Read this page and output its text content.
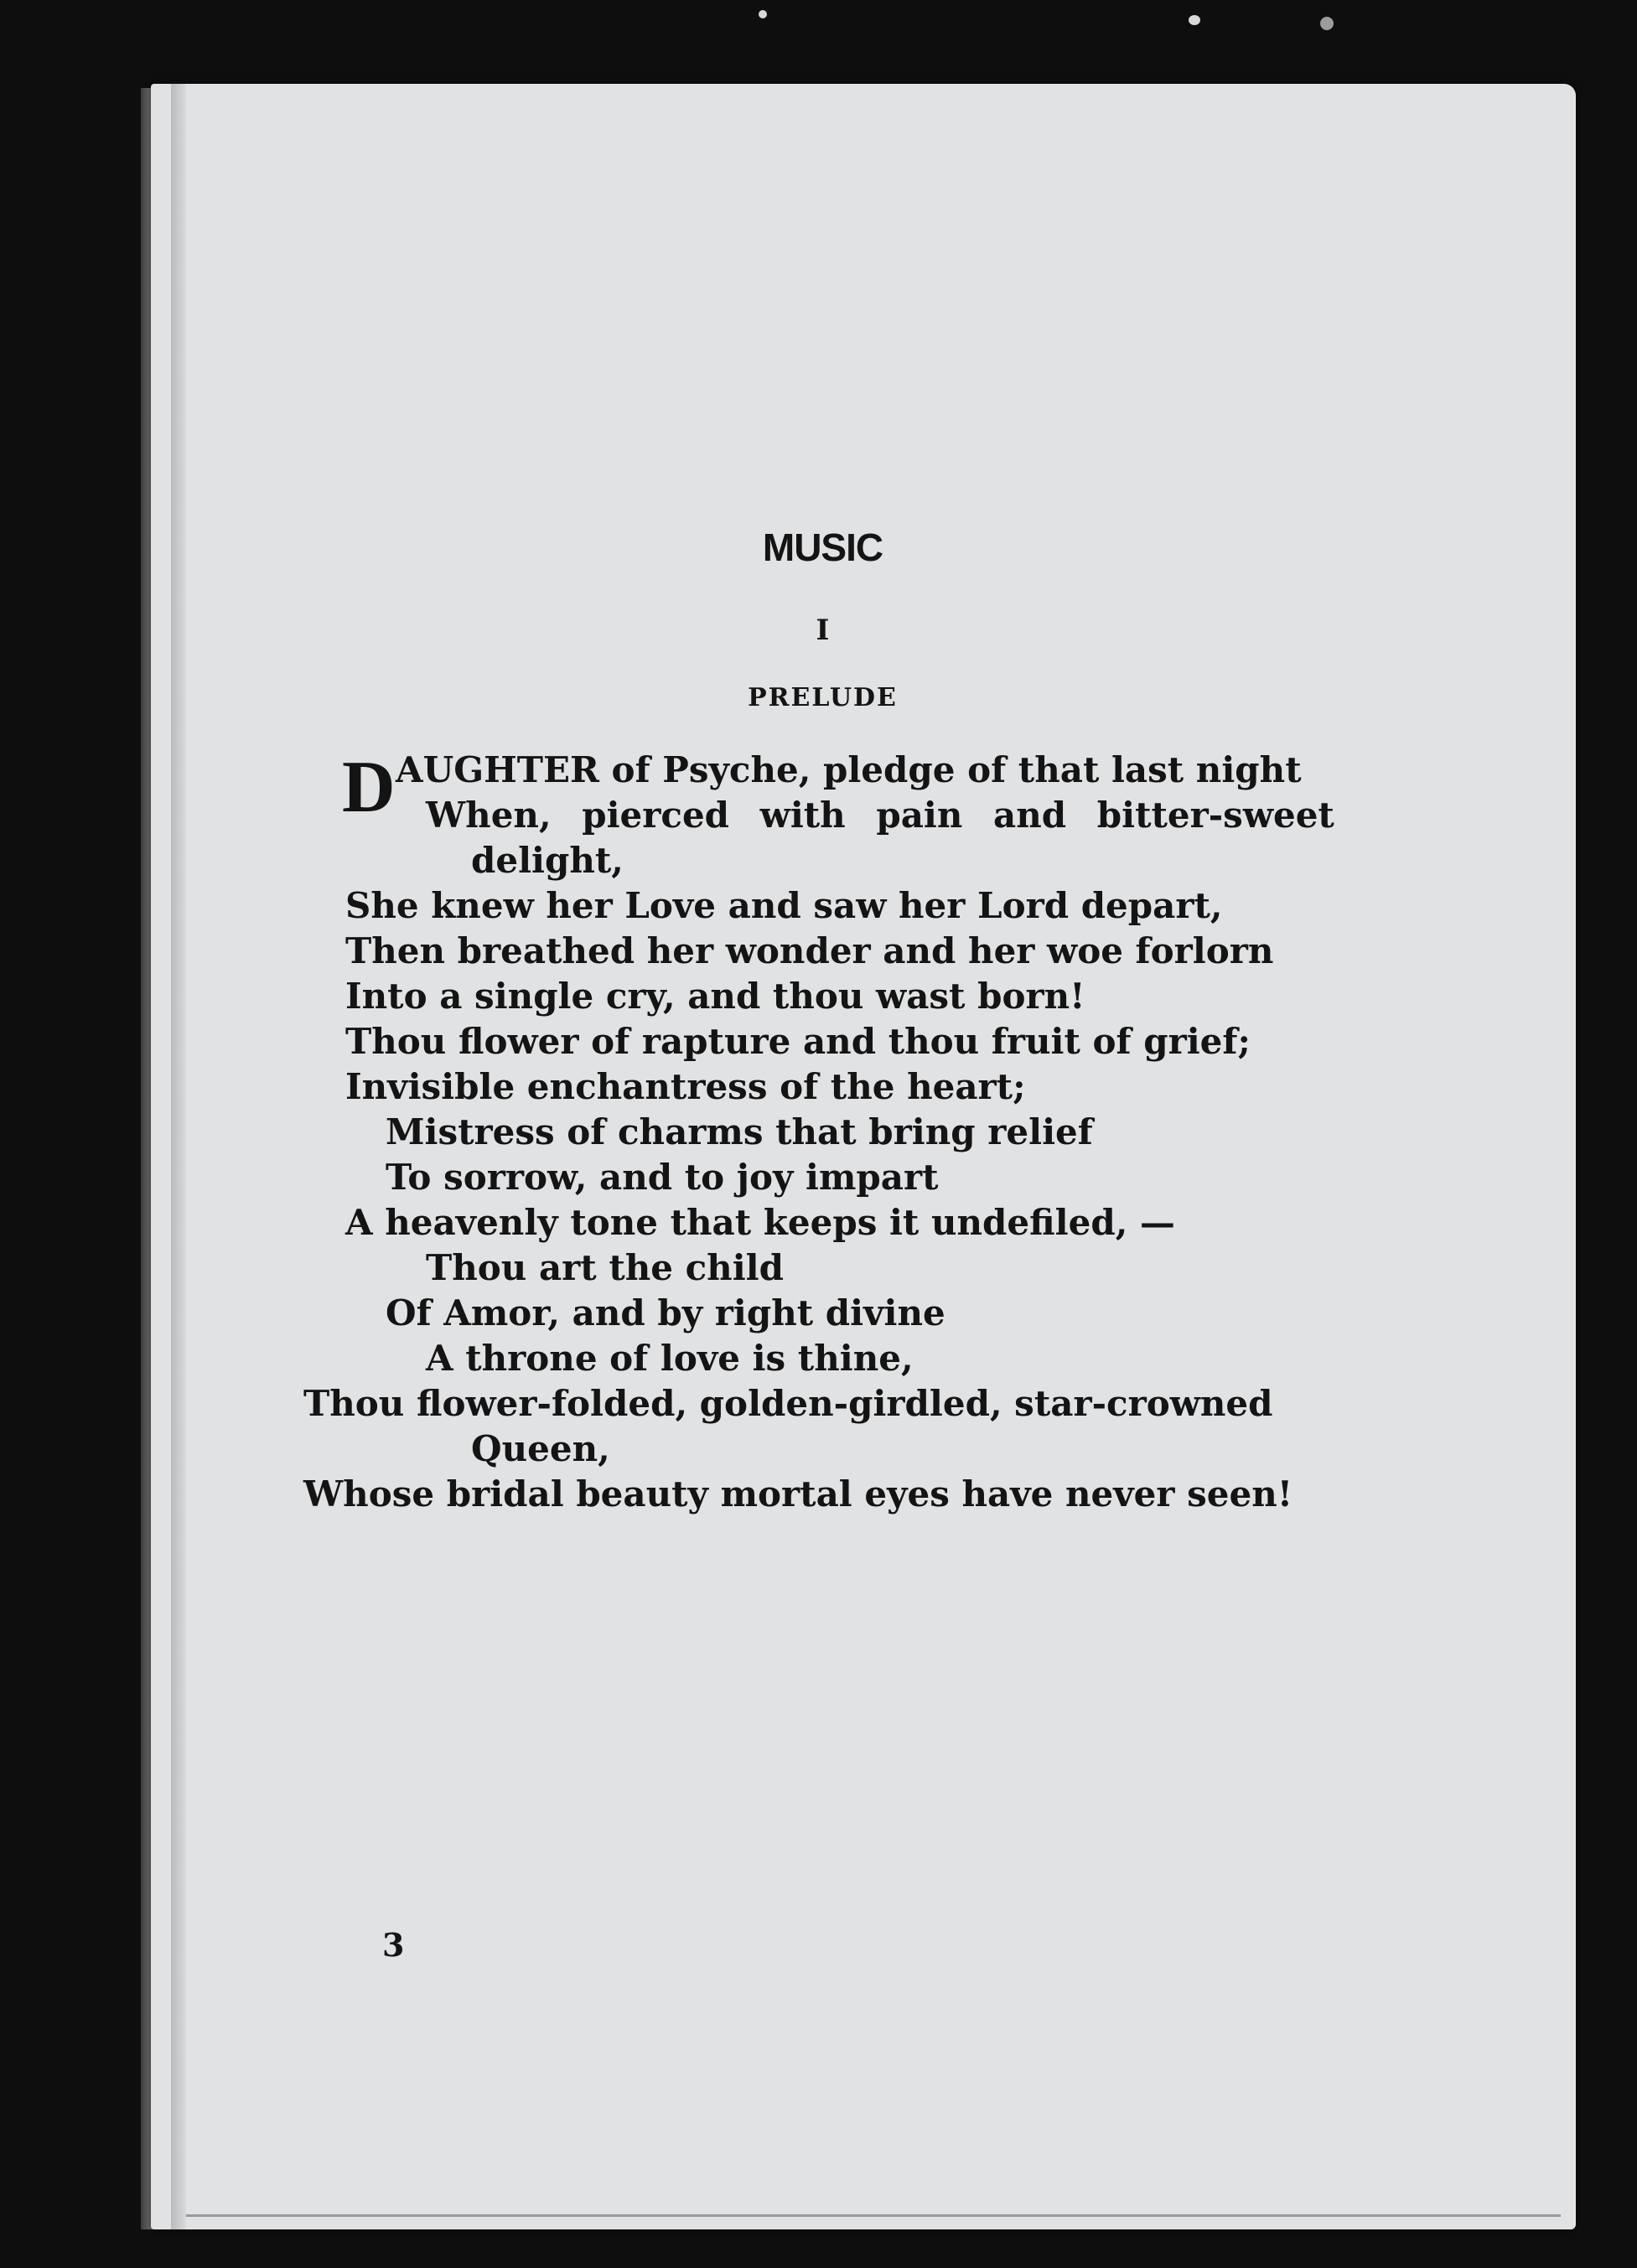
MUSIC
I
PRELUDE
D AUGHTER of Psyche, pledge of that last night
When, pierced with pain and bitter-sweet
delight,
She knew her Love and saw her Lord depart,
Then breathed her wonder and her woe forlorn
Into a single cry, and thou wast born!
Thou flower of rapture and thou fruit of grief;
Invisible enchantress of the heart;
Mistress of charms that bring relief
To sorrow, and to joy impart
A heavenly tone that keeps it undefiled, —
Thou art the child
Of Amor, and by right divine
A throne of love is thine,
Thou flower-folded, golden-girdled, star-crowned
Queen,
Whose bridal beauty mortal eyes have never seen!
3
